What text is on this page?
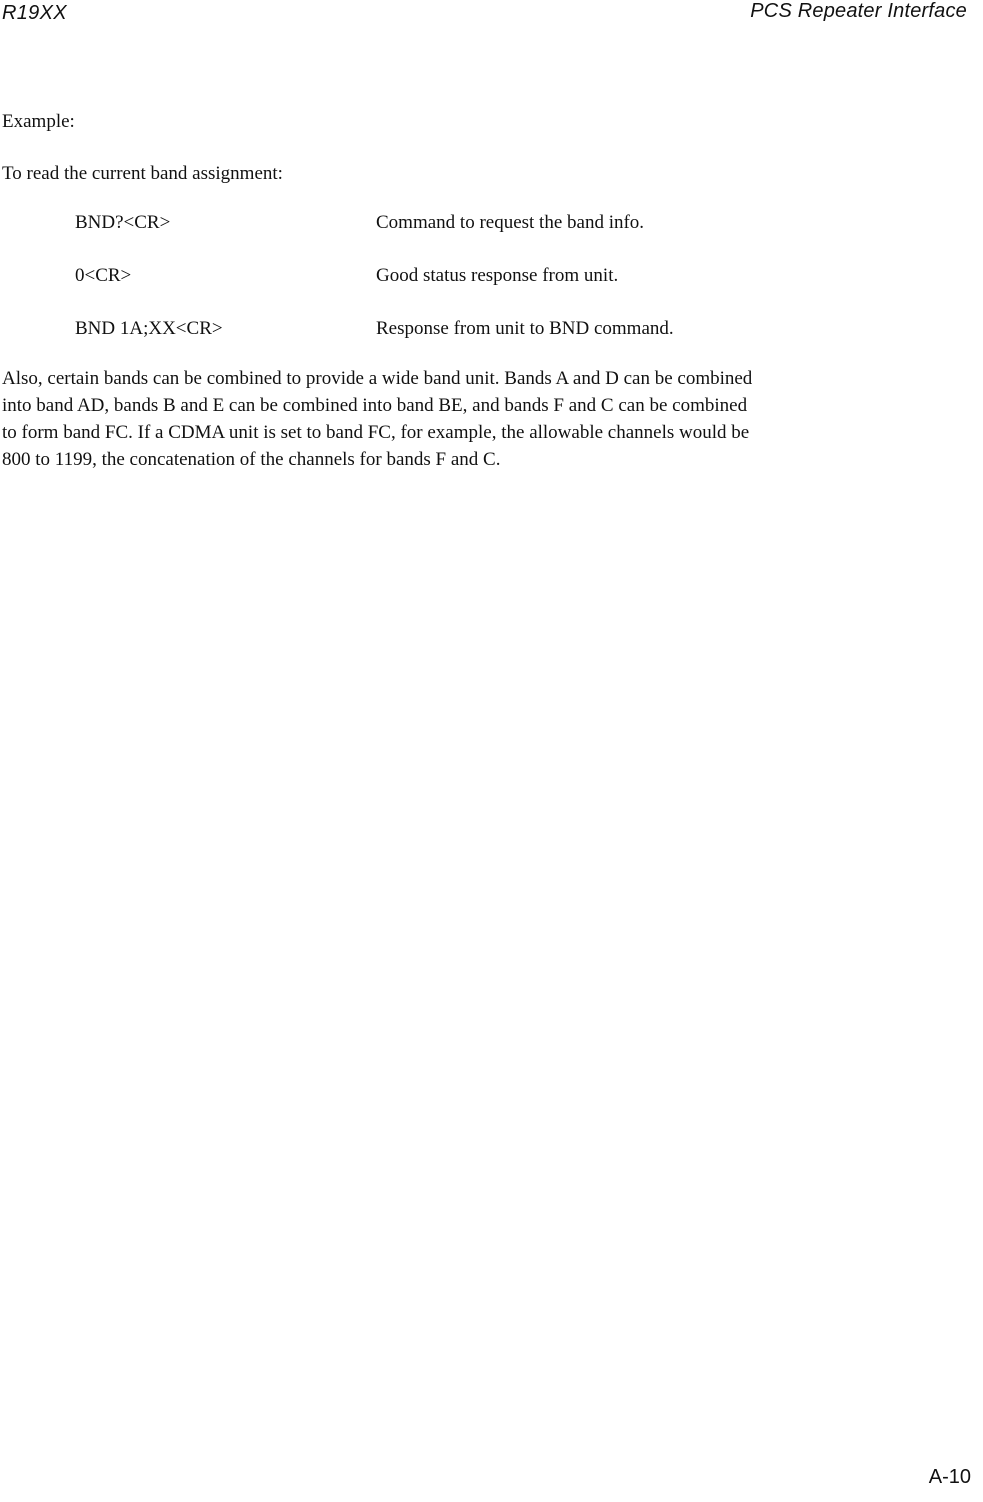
R19XX	PCS Repeater Interface
Example:
To read the current band assignment:
BND?<CR>	Command to request the band info.
0<CR>	Good status response from unit.
BND 1A;XX<CR>	Response from unit to BND command.
Also, certain bands can be combined to provide a wide band unit. Bands A and D can be combined
into band AD, bands B and E can be combined into band BE, and bands F and C can be combined
to form band FC. If a CDMA unit is set to band FC, for example, the allowable channels would be
800 to 1199, the concatenation of the channels for bands F and C.
A-10
